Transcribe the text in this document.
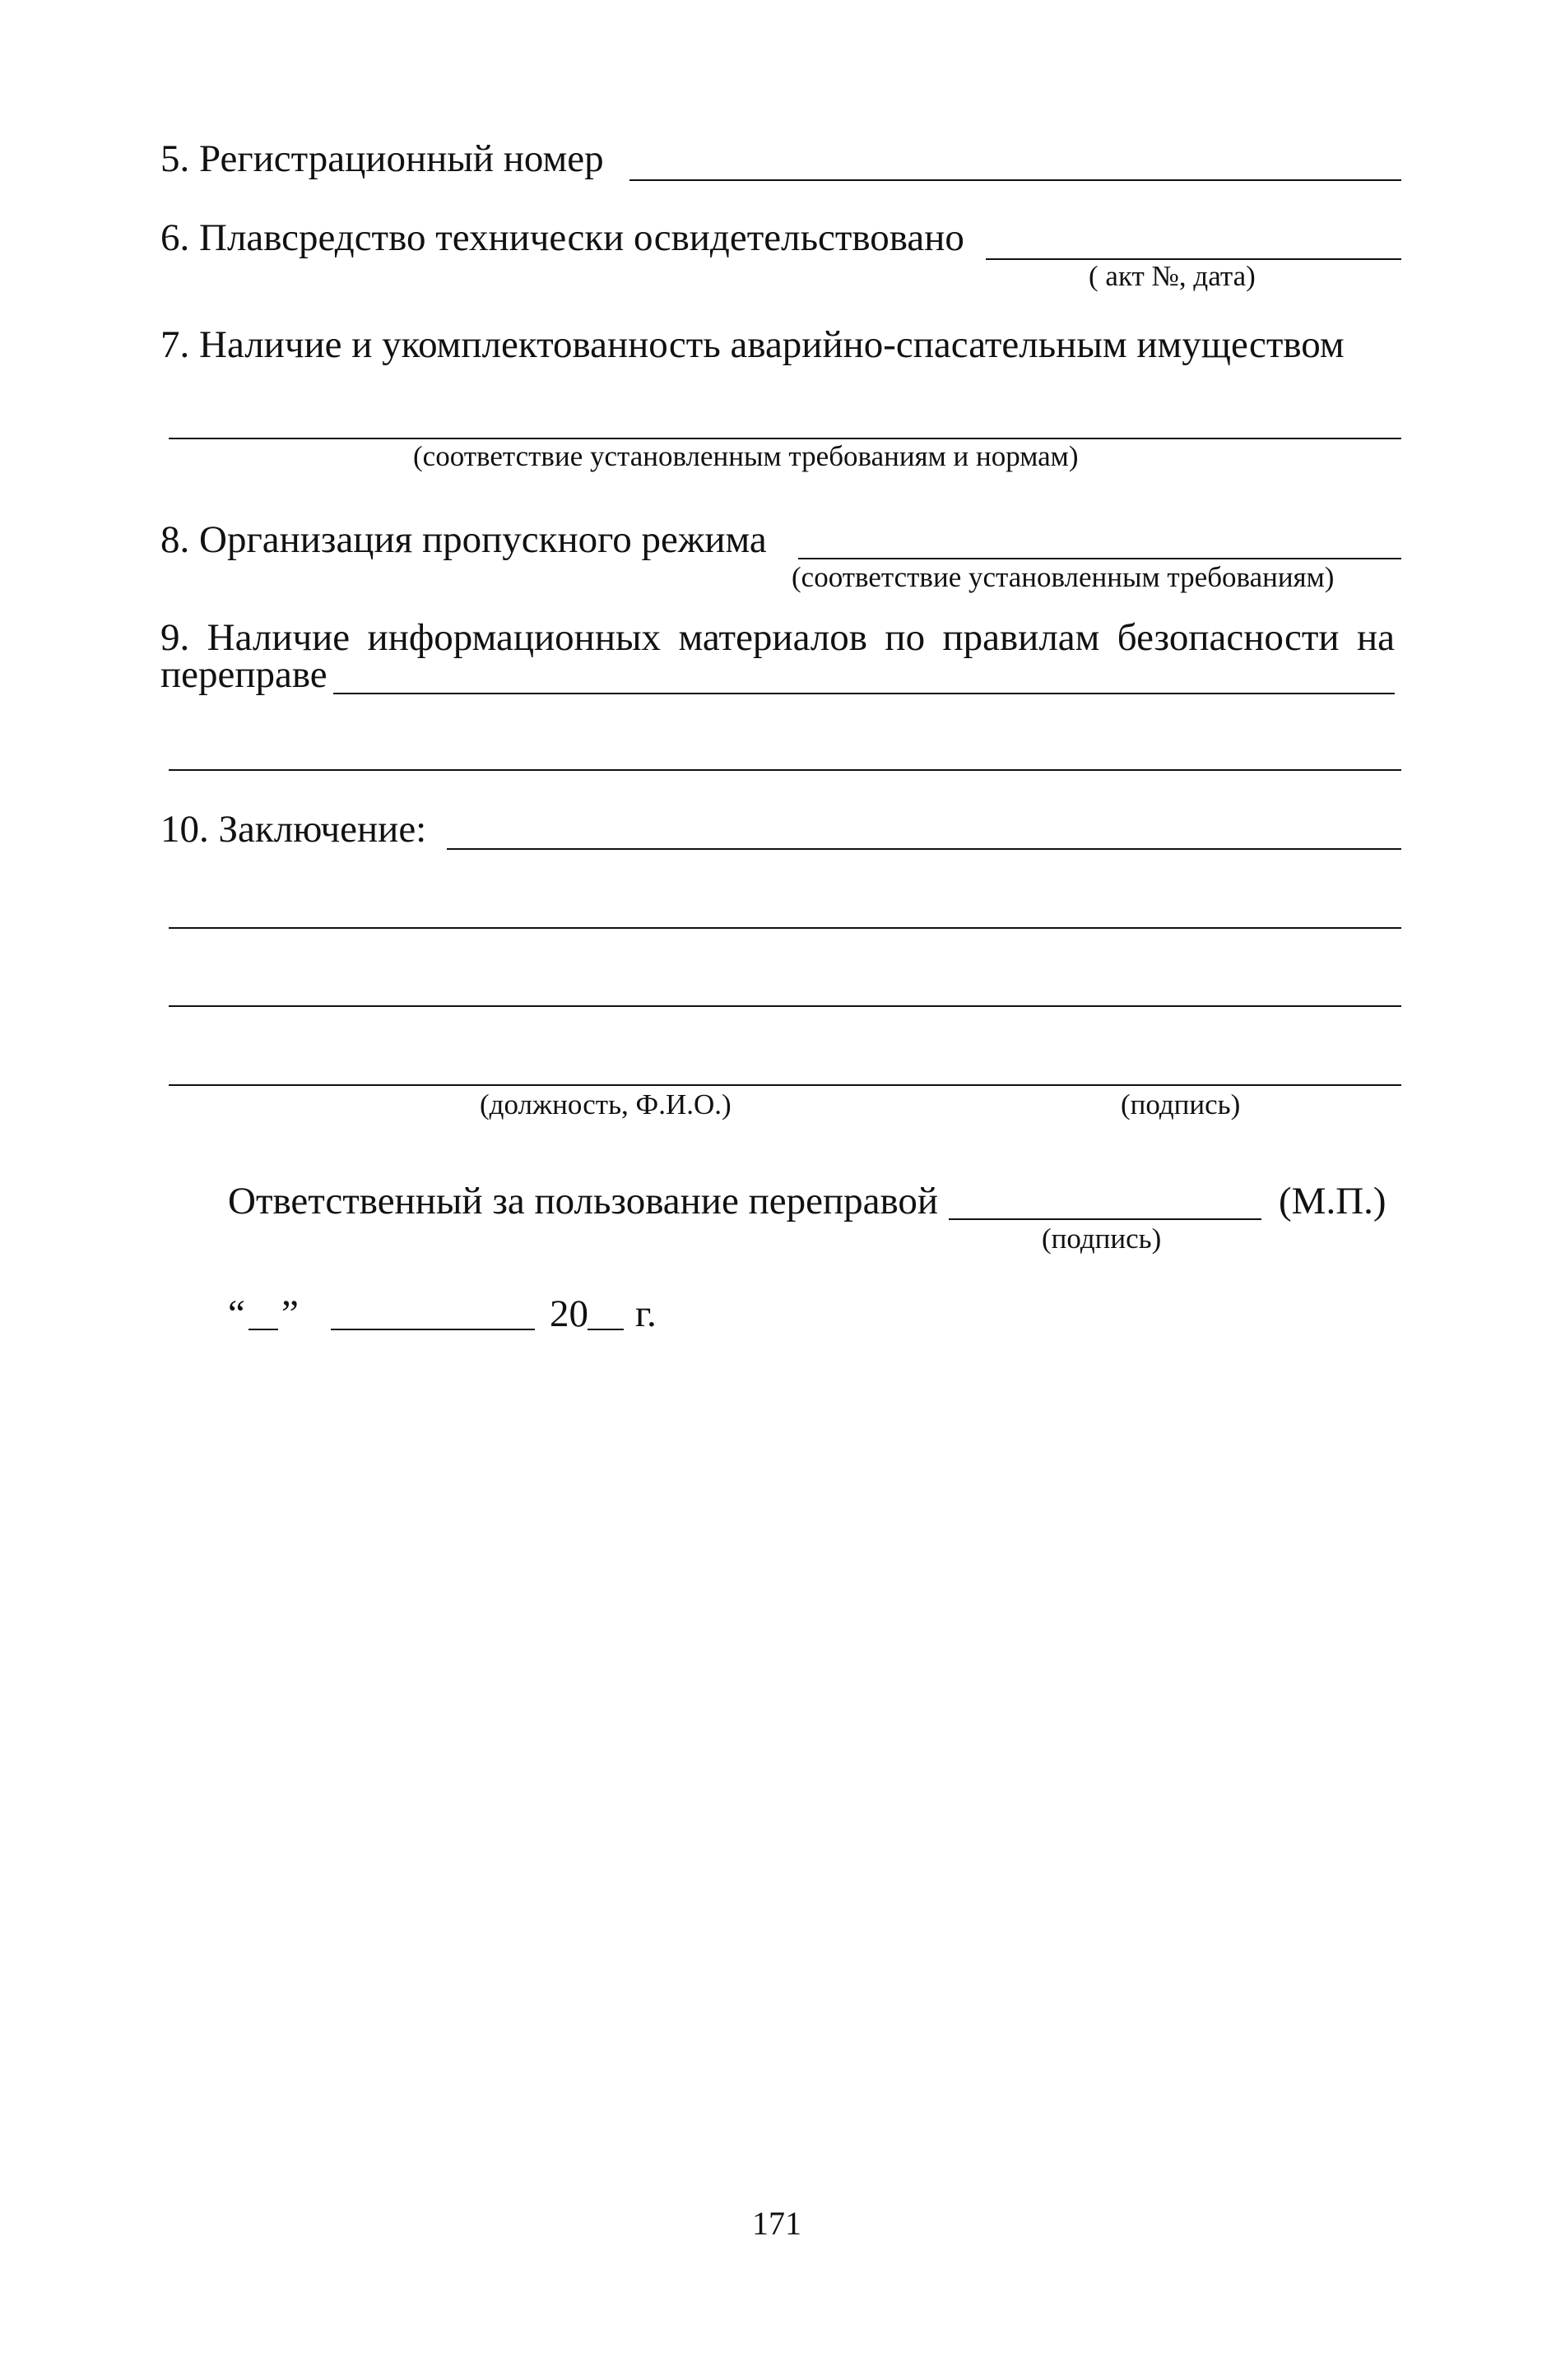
5. Регистрационный номер
6. Плавсредство технически освидетельствовано
( акт №, дата)
7. Наличие и укомплектованность аварийно-спасательным имуществом
(соответствие установленным требованиям и нормам)
8. Организация пропускного режима
(соответствие установленным требованиям)
9. Наличие информационных материалов по правилам безопасности на
переправе
10. Заключение:
(должность, Ф.И.О.)	(подпись)
Ответственный за пользование переправой	(М.П.)
(подпись)
“ ”	20 г.
171
